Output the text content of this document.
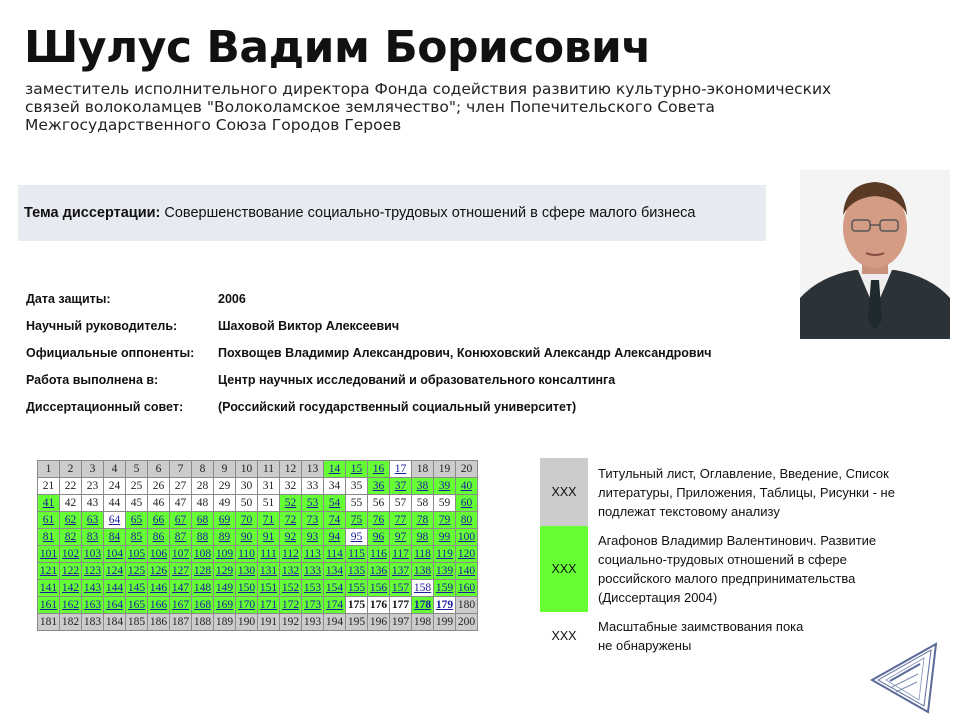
Шулус Вадим Борисович
заместитель исполнительного директора Фонда содействия развитию культурно-экономических связей волоколамцев "Волоколамское землячество"; член Попечительского Совета Межгосударственного Союза Городов Героев
Тема диссертации: Совершенствование социально-трудовых отношений в сфере малого бизнеса
Дата защиты:	2006
Научный руководитель:	Шаховой Виктор Алексеевич
Официальные оппоненты:	Похвощев Владимир Александрович, Конюховский Александр Александрович
Работа выполнена в:	Центр научных исследований и образовательного консалтинга
Диссертационный совет:	(Российский государственный социальный университет)
1	2	3	4	5	6	7	8	9	10	11	12	13	14	15	16	17	18	19	20
21	22	23	24	25	26	27	28	29	30	31	32	33	34	35	36	37	38	39	40
41	42	43	44	45	46	47	48	49	50	51	52	53	54	55	56	57	58	59	60
61	62	63	64	65	66	67	68	69	70	71	72	73	74	75	76	77	78	79	80
81	82	83	84	85	86	87	88	89	90	91	92	93	94	95	96	97	98	99	100
101	102	103	104	105	106	107	108	109	110	111	112	113	114	115	116	117	118	119	120
121	122	123	124	125	126	127	128	129	130	131	132	133	134	135	136	137	138	139	140
141	142	143	144	145	146	147	148	149	150	151	152	153	154	155	156	157	158	159	160
161	162	163	164	165	166	167	168	169	170	171	172	173	174	175	176	177	178	179	180
181	182	183	184	185	186	187	188	189	190	191	192	193	194	195	196	197	198	199	200
XXX
Титульный лист, Оглавление, Введение, Список литературы, Приложения, Таблицы, Рисунки - не подлежат текстовому анализу
XXX
Агафонов Владимир Валентинович. Развитие социально-трудовых отношений в сфере российского малого предпринимательства (Диссертация 2004)
XXX
Масштабные заимствования пока не обнаружены
